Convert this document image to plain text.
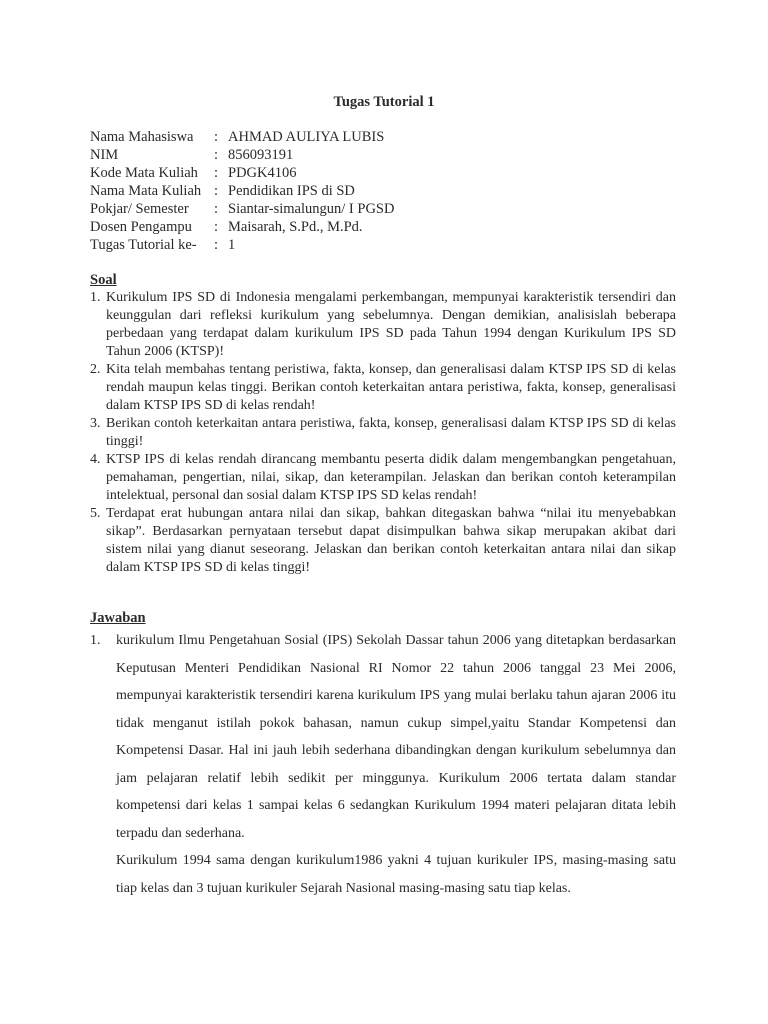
Tugas Tutorial 1
Nama Mahasiswa	: AHMAD AULIYA LUBIS
NIM	: 856093191
Kode Mata Kuliah	: PDGK4106
Nama Mata Kuliah : Pendidikan IPS di SD
Pokjar/ Semester	: Siantar-simalungun/ I PGSD
Dosen Pengampu	: Maisarah, S.Pd., M.Pd.
Tugas Tutorial ke-	: 1
Soal
1. Kurikulum IPS SD di Indonesia mengalami perkembangan, mempunyai karakteristik tersendiri dan keunggulan dari refleksi kurikulum yang sebelumnya. Dengan demikian, analisislah beberapa perbedaan yang terdapat dalam kurikulum IPS SD pada Tahun 1994 dengan Kurikulum IPS SD Tahun 2006 (KTSP)!
2. Kita telah membahas tentang peristiwa, fakta, konsep, dan generalisasi dalam KTSP IPS SD di kelas rendah maupun kelas tinggi. Berikan contoh keterkaitan antara peristiwa, fakta, konsep, generalisasi dalam KTSP IPS SD di kelas rendah!
3. Berikan contoh keterkaitan antara peristiwa, fakta, konsep, generalisasi dalam KTSP IPS SD di kelas tinggi!
4. KTSP IPS di kelas rendah dirancang membantu peserta didik dalam mengembangkan pengetahuan, pemahaman, pengertian, nilai, sikap, dan keterampilan. Jelaskan dan berikan contoh keterampilan intelektual, personal dan sosial dalam KTSP IPS SD kelas rendah!
5. Terdapat erat hubungan antara nilai dan sikap, bahkan ditegaskan bahwa “nilai itu menyebabkan sikap”. Berdasarkan pernyataan tersebut dapat disimpulkan bahwa sikap merupakan akibat dari sistem nilai yang dianut seseorang. Jelaskan dan berikan contoh keterkaitan antara nilai dan sikap dalam KTSP IPS SD di kelas tinggi!
Jawaban
1. kurikulum Ilmu Pengetahuan Sosial (IPS) Sekolah Dassar tahun 2006 yang ditetapkan berdasarkan Keputusan Menteri Pendidikan Nasional RI Nomor 22 tahun 2006 tanggal 23 Mei 2006, mempunyai karakteristik tersendiri karena kurikulum IPS yang mulai berlaku tahun ajaran 2006 itu tidak menganut istilah pokok bahasan, namun cukup simpel,yaitu Standar Kompetensi dan Kompetensi Dasar. Hal ini jauh lebih sederhana dibandingkan dengan kurikulum sebelumnya dan jam pelajaran relatif lebih sedikit per minggunya. Kurikulum 2006 tertata dalam standar kompetensi dari kelas 1 sampai kelas 6 sedangkan Kurikulum 1994 materi pelajaran ditata lebih terpadu dan sederhana.

Kurikulum 1994 sama dengan kurikulum1986 yakni 4 tujuan kurikuler IPS, masing-masing satu tiap kelas dan 3 tujuan kurikuler Sejarah Nasional masing-masing satu tiap kelas.
